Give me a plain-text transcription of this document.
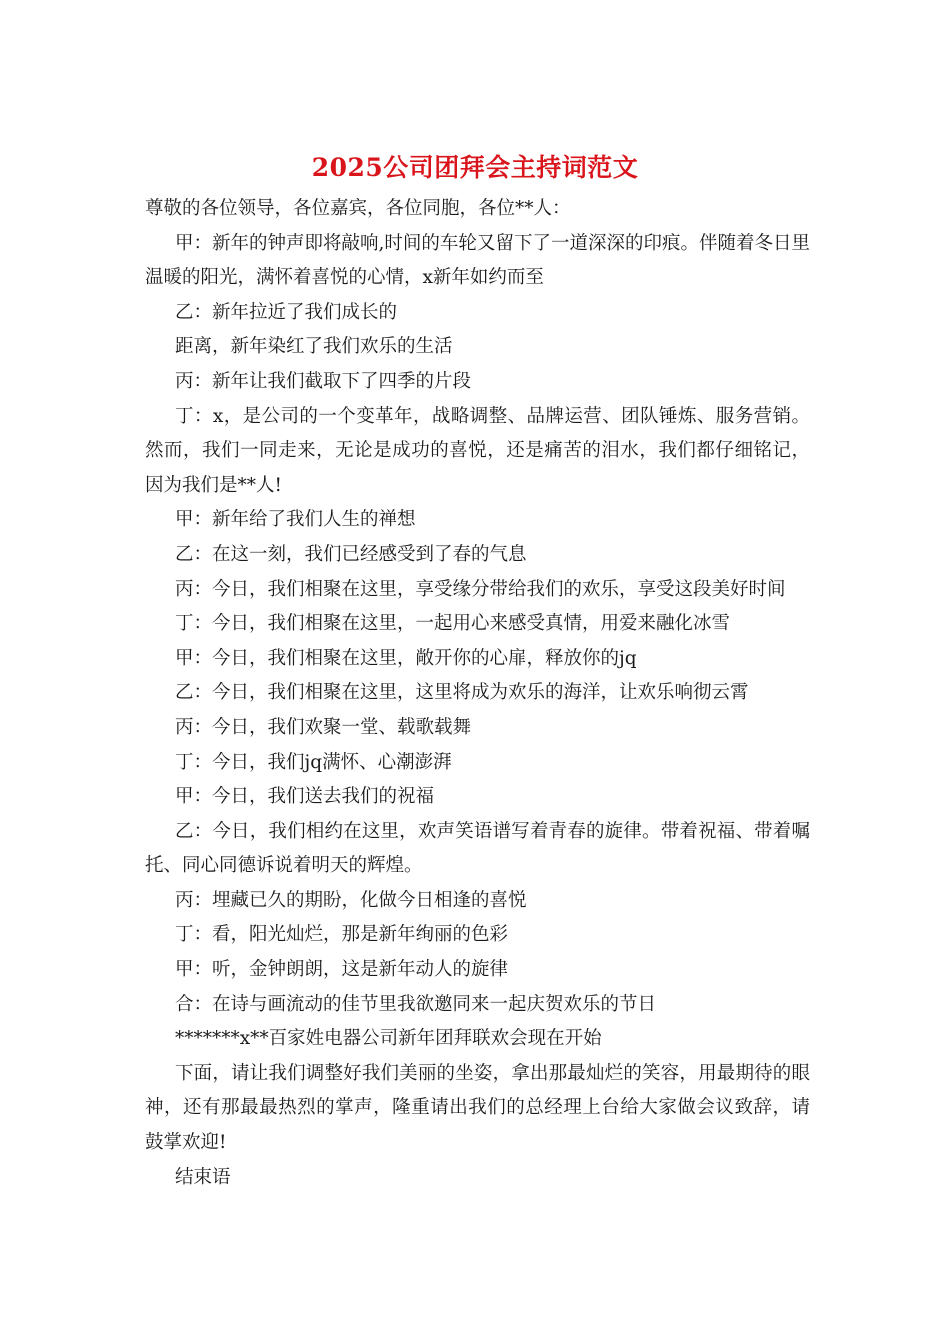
2025公司团拜会主持词范文

尊敬的各位领导，各位嘉宾，各位同胞，各位**人：

甲：新年的钟声即将敲响,时间的车轮又留下了一道深深的印痕。伴随着冬日里温暖的阳光，满怀着喜悦的心情，x新年如约而至

乙：新年拉近了我们成长的

距离，新年染红了我们欢乐的生活

丙：新年让我们截取下了四季的片段

丁：x，是公司的一个变革年，战略调整、品牌运营、团队锤炼、服务营销。然而，我们一同走来，无论是成功的喜悦，还是痛苦的泪水，我们都仔细铭记，因为我们是**人!

甲：新年给了我们人生的禅想

乙：在这一刻，我们已经感受到了春的气息

丙：今日，我们相聚在这里，享受缘分带给我们的欢乐，享受这段美好时间

丁：今日，我们相聚在这里，一起用心来感受真情，用爱来融化冰雪

甲：今日，我们相聚在这里，敞开你的心扉，释放你的jq

乙：今日，我们相聚在这里，这里将成为欢乐的海洋，让欢乐响彻云霄

丙：今日，我们欢聚一堂、载歌载舞

丁：今日，我们jq满怀、心潮澎湃

甲：今日，我们送去我们的祝福

乙：今日，我们相约在这里，欢声笑语谱写着青春的旋律。带着祝福、带着嘱托、同心同德诉说着明天的辉煌。

丙：埋藏已久的期盼，化做今日相逢的喜悦

丁：看，阳光灿烂，那是新年绚丽的色彩

甲：听，金钟朗朗，这是新年动人的旋律

合：在诗与画流动的佳节里我欲邀同来一起庆贺欢乐的节日

*******x**百家姓电器公司新年团拜联欢会现在开始

下面，请让我们调整好我们美丽的坐姿，拿出那最灿烂的笑容，用最期待的眼神，还有那最最热烈的掌声，隆重请出我们的总经理上台给大家做会议致辞，请鼓掌欢迎!

结束语
